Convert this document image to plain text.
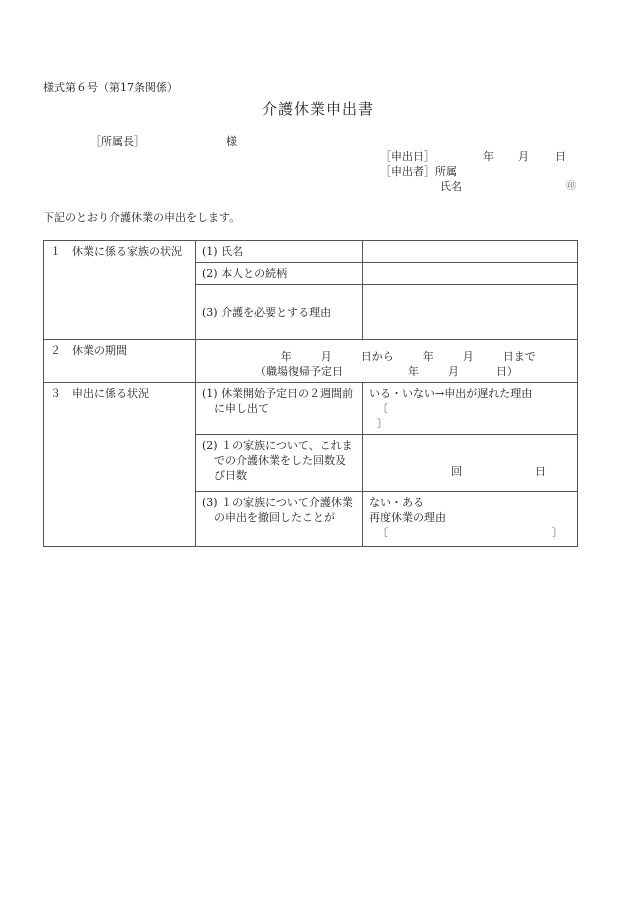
様式第６号（第17条関係）
介護休業申出書
［所属長］	様
［申出日］	年 月 日
［申出者］所属
氏名	㊞
下記のとおり介護休業の申出をします。
１　休業に係る家族の状況	(1) 氏名	
	(2) 本人との続柄	
	(3) 介護を必要とする理由	
２　休業の期間	年 月 日から 年 月 日まで
（職場復帰予定日 年 月 日）	

３　申出に係る状況	(1) 休業開始予定日の２週間前に申し出て	いる・いない→申出が遅れた理由
〔
〕

	(2) １の家族について、これまでの介護休業をした回数及び日数	回 日

	(3) １の家族について介護休業の申出を撤回したことが	ない・ある
再度休業の理由
〔 〕
